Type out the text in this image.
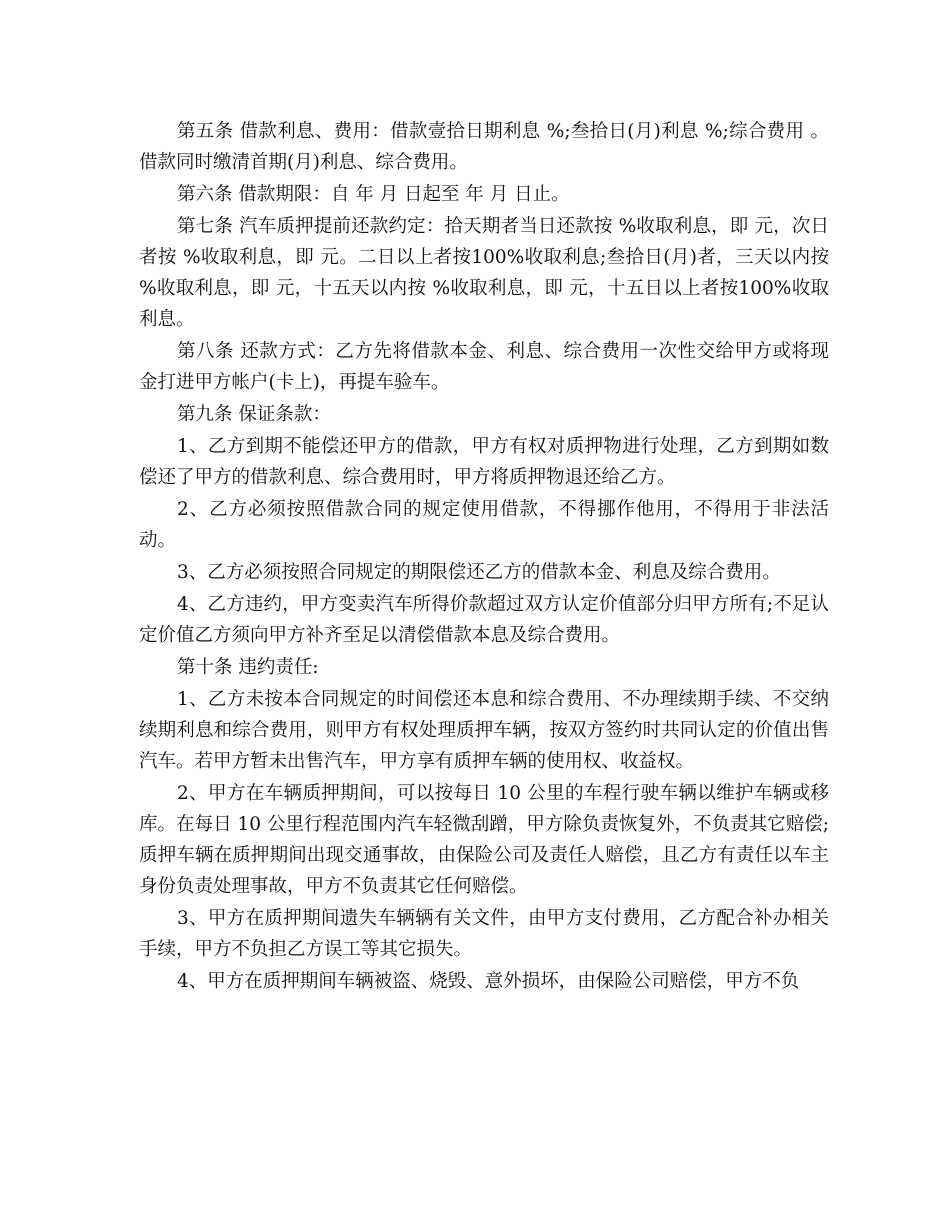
第五条 借款利息、费用：借款壹拾日期利息 %;叁拾日(月)利息 %;综合费用 。借款同时缴清首期(月)利息、综合费用。

第六条 借款期限：自 年 月 日起至 年 月 日止。

第七条 汽车质押提前还款约定：拾天期者当日还款按 %收取利息，即 元，次日者按 %收取利息，即 元。二日以上者按100%收取利息;叁拾日(月)者，三天以内按 %收取利息，即 元，十五天以内按 %收取利息，即 元，十五日以上者按100%收取利息。

第八条 还款方式：乙方先将借款本金、利息、综合费用一次性交给甲方或将现金打进甲方帐户(卡上)，再提车验车。

第九条 保证条款：

1、乙方到期不能偿还甲方的借款，甲方有权对质押物进行处理，乙方到期如数偿还了甲方的借款利息、综合费用时，甲方将质押物退还给乙方。

2、乙方必须按照借款合同的规定使用借款，不得挪作他用，不得用于非法活动。

3、乙方必须按照合同规定的期限偿还乙方的借款本金、利息及综合费用。

4、乙方违约，甲方变卖汽车所得价款超过双方认定价值部分归甲方所有;不足认定价值乙方须向甲方补齐至足以清偿借款本息及综合费用。

第十条 违约责任:

1、乙方未按本合同规定的时间偿还本息和综合费用、不办理续期手续、不交纳续期利息和综合费用，则甲方有权处理质押车辆，按双方签约时共同认定的价值出售汽车。若甲方暂未出售汽车，甲方享有质押车辆的使用权、收益权。

2、甲方在车辆质押期间，可以按每日 10 公里的车程行驶车辆以维护车辆或移库。在每日 10 公里行程范围内汽车轻微刮蹭，甲方除负责恢复外，不负责其它赔偿;质押车辆在质押期间出现交通事故，由保险公司及责任人赔偿，且乙方有责任以车主身份负责处理事故，甲方不负责其它任何赔偿。

3、甲方在质押期间遗失车辆辆有关文件，由甲方支付费用，乙方配合补办相关手续，甲方不负担乙方误工等其它损失。

4、甲方在质押期间车辆被盗、烧毁、意外损坏，由保险公司赔偿，甲方不负
